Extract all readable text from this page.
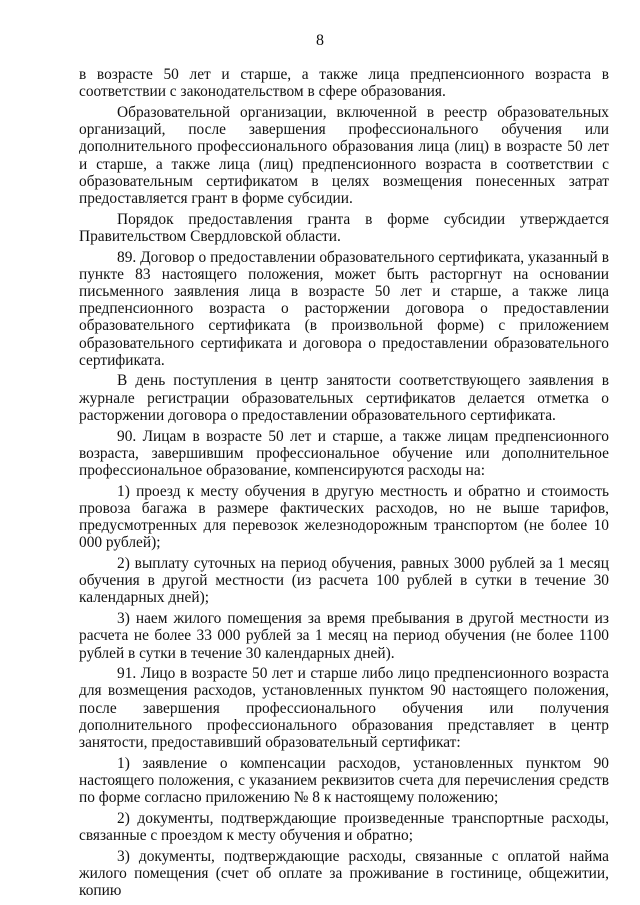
8

в возрасте 50 лет и старше, а также лица предпенсионного возраста в соответствии с законодательством в сфере образования.

Образовательной организации, включенной в реестр образовательных организаций, после завершения профессионального обучения или дополнительного профессионального образования лица (лиц) в возрасте 50 лет и старше, а также лица (лиц) предпенсионного возраста в соответствии с образовательным сертификатом в целях возмещения понесенных затрат предоставляется грант в форме субсидии.

Порядок предоставления гранта в форме субсидии утверждается Правительством Свердловской области.

89. Договор о предоставлении образовательного сертификата, указанный в пункте 83 настоящего положения, может быть расторгнут на основании письменного заявления лица в возрасте 50 лет и старше, а также лица предпенсионного возраста о расторжении договора о предоставлении образовательного сертификата (в произвольной форме) с приложением образовательного сертификата и договора о предоставлении образовательного сертификата.

В день поступления в центр занятости соответствующего заявления в журнале регистрации образовательных сертификатов делается отметка о расторжении договора о предоставлении образовательного сертификата.

90. Лицам в возрасте 50 лет и старше, а также лицам предпенсионного возраста, завершившим профессиональное обучение или дополнительное профессиональное образование, компенсируются расходы на:

1) проезд к месту обучения в другую местность и обратно и стоимость провоза багажа в размере фактических расходов, но не выше тарифов, предусмотренных для перевозок железнодорожным транспортом (не более 10 000 рублей);

2) выплату суточных на период обучения, равных 3000 рублей за 1 месяц обучения в другой местности (из расчета 100 рублей в сутки в течение 30 календарных дней);

3) наем жилого помещения за время пребывания в другой местности из расчета не более 33 000 рублей за 1 месяц на период обучения (не более 1100 рублей в сутки в течение 30 календарных дней).

91. Лицо в возрасте 50 лет и старше либо лицо предпенсионного возраста для возмещения расходов, установленных пунктом 90 настоящего положения, после завершения профессионального обучения или получения дополнительного профессионального образования представляет в центр занятости, предоставивший образовательный сертификат:

1) заявление о компенсации расходов, установленных пунктом 90 настоящего положения, с указанием реквизитов счета для перечисления средств по форме согласно приложению № 8 к настоящему положению;

2) документы, подтверждающие произведенные транспортные расходы, связанные с проездом к месту обучения и обратно;

3) документы, подтверждающие расходы, связанные с оплатой найма жилого помещения (счет об оплате за проживание в гостинице, общежитии, копию
